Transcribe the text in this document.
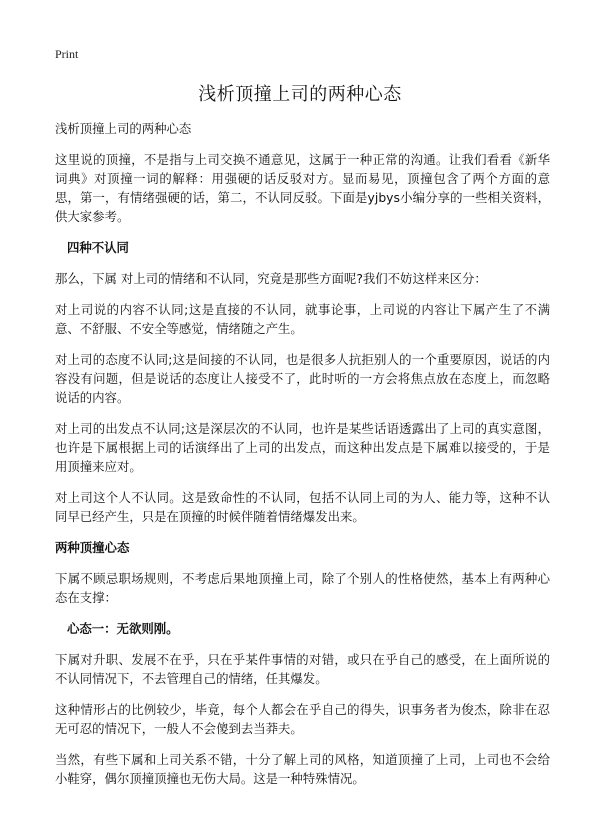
Print
浅析顶撞上司的两种心态

浅析顶撞上司的两种心态

这里说的顶撞，不是指与上司交换不通意见，这属于一种正常的沟通。让我们看看《新华词典》对顶撞一词的解释：用强硬的话反驳对方。显而易见，顶撞包含了两个方面的意思，第一，有情绪强硬的话，第二，不认同反驳。下面是yjbys小编分享的一些相关资料，供大家参考。

四种不认同

那么，下属 对上司的情绪和不认同，究竟是那些方面呢?我们不妨这样来区分：

对上司说的内容不认同;这是直接的不认同，就事论事，上司说的内容让下属产生了不满意、不舒服、不安全等感觉，情绪随之产生。

对上司的态度不认同;这是间接的不认同，也是很多人抗拒别人的一个重要原因，说话的内容没有问题，但是说话的态度让人接受不了，此时听的一方会将焦点放在态度上，而忽略说话的内容。

对上司的出发点不认同;这是深层次的不认同，也许是某些话语透露出了上司的真实意图，也许是下属根据上司的话演绎出了上司的出发点，而这种出发点是下属难以接受的，于是用顶撞来应对。

对上司这个人不认同。这是致命性的不认同，包括不认同上司的为人、能力等，这种不认同早已经产生，只是在顶撞的时候伴随着情绪爆发出来。

两种顶撞心态

下属不顾忌职场规则，不考虑后果地顶撞上司，除了个别人的性格使然，基本上有两种心态在支撑：

心态一：无欲则刚。

下属对升职、发展不在乎，只在乎某件事情的对错，或只在乎自己的感受，在上面所说的不认同情况下，不去管理自己的情绪，任其爆发。

这种情形占的比例较少，毕竟，每个人都会在乎自己的得失，识事务者为俊杰，除非在忍无可忍的情况下，一般人不会傻到去当莽夫。

当然，有些下属和上司关系不错，十分了解上司的风格，知道顶撞了上司，上司也不会给小鞋穿，偶尔顶撞顶撞也无伤大局。这是一种特殊情况。
